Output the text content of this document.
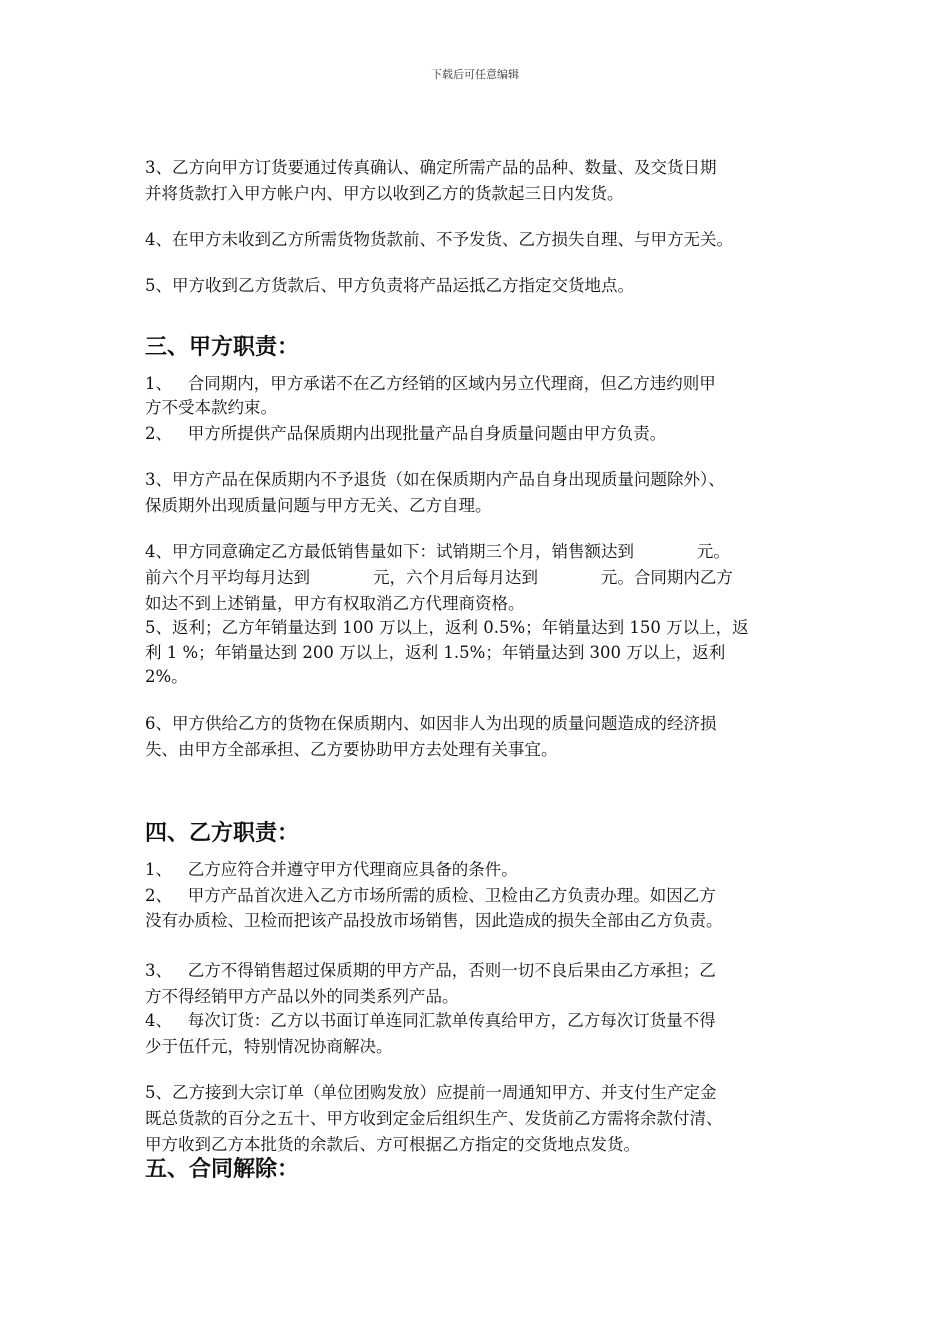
下载后可任意编辑
3、乙方向甲方订货要通过传真确认、确定所需产品的品种、数量、及交货日期
并将货款打入甲方帐户内、甲方以收到乙方的货款起三日内发货。
4、在甲方未收到乙方所需货物货款前、不予发货、乙方损失自理、与甲方无关。
5、甲方收到乙方货款后、甲方负责将产品运抵乙方指定交货地点。
三、甲方职责：
1、   合同期内，甲方承诺不在乙方经销的区域内另立代理商，但乙方违约则甲
方不受本款约束。
2、   甲方所提供产品保质期内出现批量产品自身质量问题由甲方负责。
3、甲方产品在保质期内不予退货（如在保质期内产品自身出现质量问题除外）、
保质期外出现质量问题与甲方无关、乙方自理。
4、甲方同意确定乙方最低销售量如下：试销期三个月，销售额达到            元。
前六个月平均每月达到            元，六个月后每月达到            元。合同期内乙方
如达不到上述销量，甲方有权取消乙方代理商资格。
5、返利；乙方年销量达到 100 万以上，返利 0.5%；年销量达到 150 万以上，返
利 1 %；年销量达到 200 万以上，返利 1.5%；年销量达到 300 万以上，返利
2%。
6、甲方供给乙方的货物在保质期内、如因非人为出现的质量问题造成的经济损
失、由甲方全部承担、乙方要协助甲方去处理有关事宜。
四、乙方职责：
1、   乙方应符合并遵守甲方代理商应具备的条件。
2、   甲方产品首次进入乙方市场所需的质检、卫检由乙方负责办理。如因乙方
没有办质检、卫检而把该产品投放市场销售，因此造成的损失全部由乙方负责。
3、   乙方不得销售超过保质期的甲方产品，否则一切不良后果由乙方承担；乙
方不得经销甲方产品以外的同类系列产品。
4、   每次订货：乙方以书面订单连同汇款单传真给甲方，乙方每次订货量不得
少于伍仟元，特别情况协商解决。
5、乙方接到大宗订单（单位团购发放）应提前一周通知甲方、并支付生产定金
既总货款的百分之五十、甲方收到定金后组织生产、发货前乙方需将余款付清、
甲方收到乙方本批货的余款后、方可根据乙方指定的交货地点发货。
五、合同解除：
